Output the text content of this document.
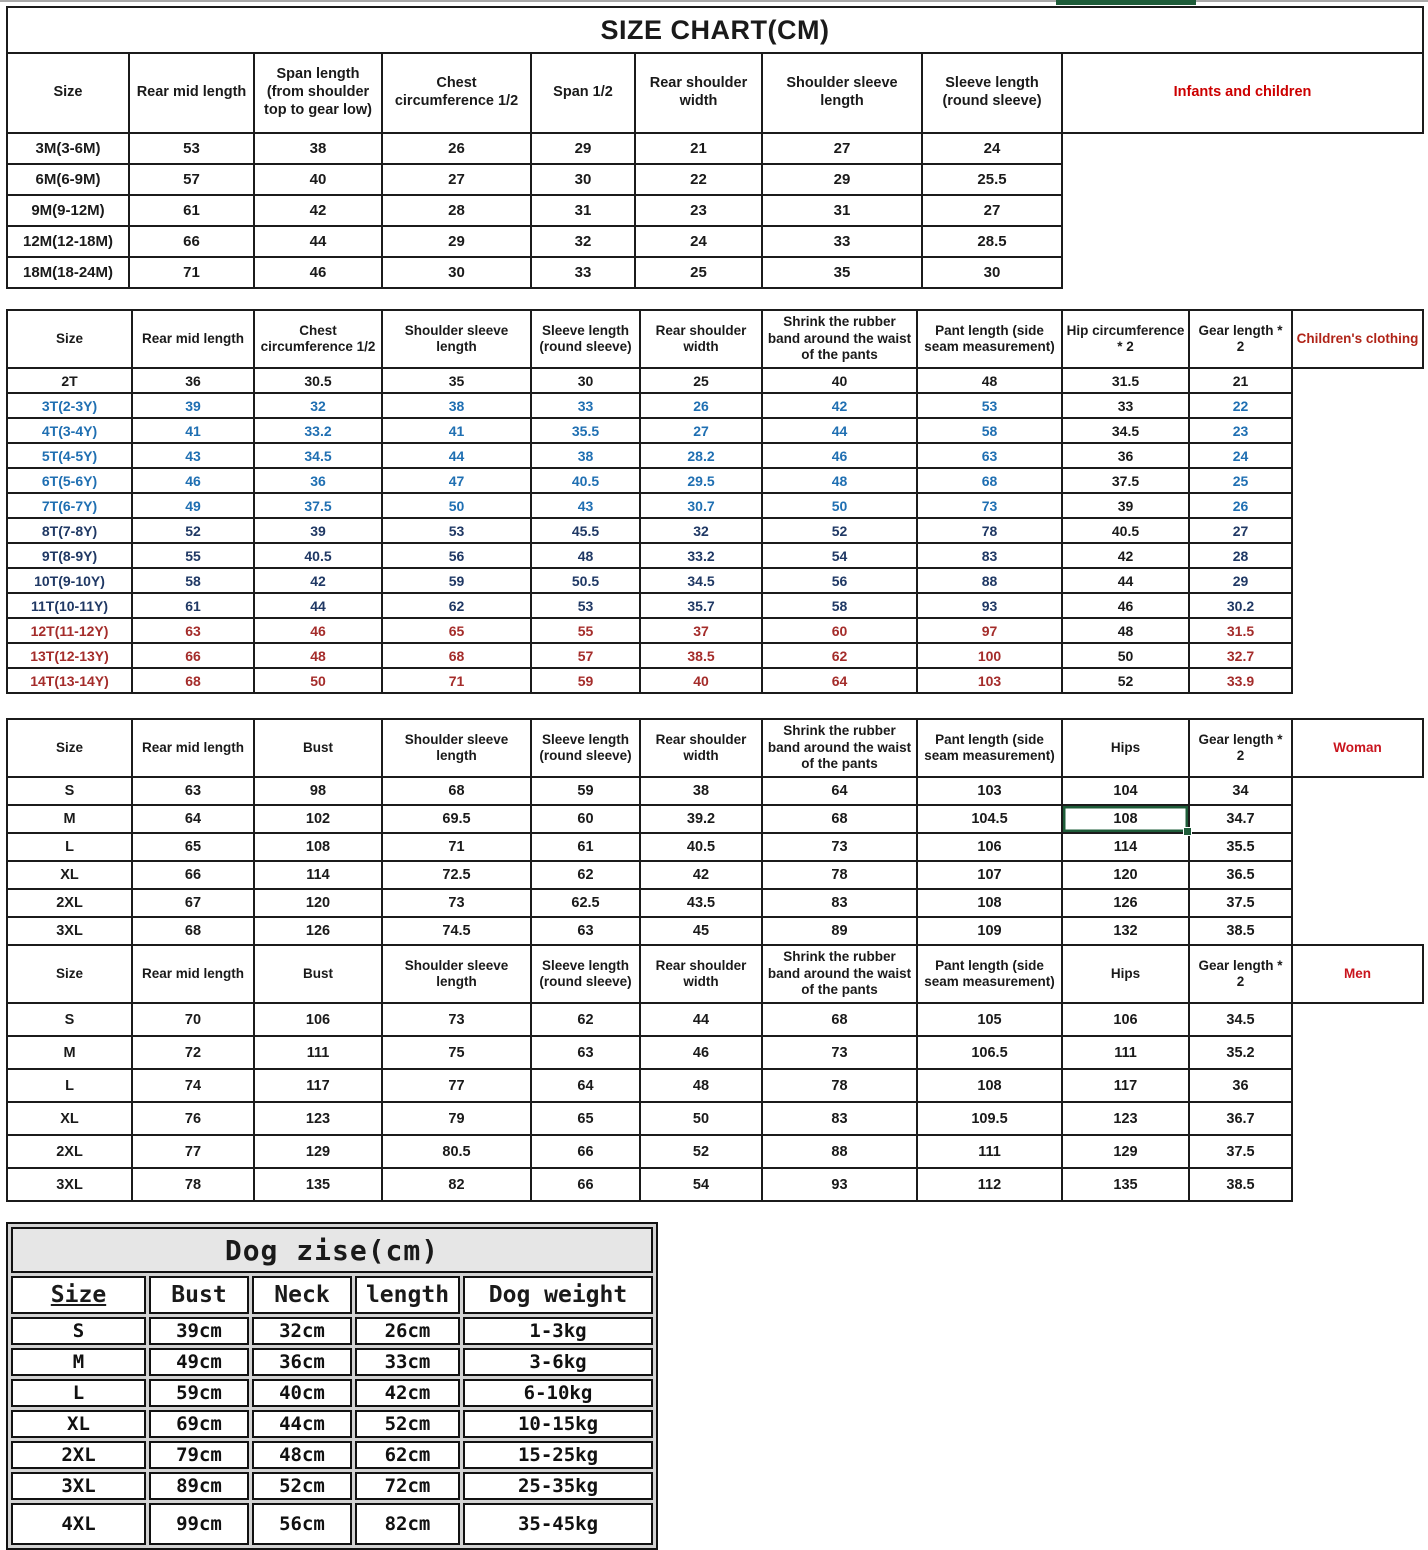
SIZE CHART(CM)								
Size	Rear mid length	Span length (from shoulder top to gear low)	Chest circumference 1/2	Span 1/2	Rear shoulder width	Shoulder sleeve length	Sleeve length (round sleeve)	Infants and children
3M(3-6M)	53	38	26	29	21	27	24	
6M(6-9M)	57	40	27	30	22	29	25.5	
9M(9-12M)	61	42	28	31	23	31	27	
12M(12-18M)	66	44	29	32	24	33	28.5	
18M(18-24M)	71	46	30	33	25	35	30	
Size	Rear mid length	Chest circumference 1/2	Shoulder sleeve length	Sleeve length (round sleeve)	Rear shoulder width	Shrink the rubber band around the waist of the pants	Pant length (side seam measurement)	Hip circumference * 2	Gear length * 2	Children's clothing
2T	36	30.5	35	30	25	40	48	31.5	21	
3T(2-3Y)	39	32	38	33	26	42	53	33	22	
4T(3-4Y)	41	33.2	41	35.5	27	44	58	34.5	23	
5T(4-5Y)	43	34.5	44	38	28.2	46	63	36	24	
6T(5-6Y)	46	36	47	40.5	29.5	48	68	37.5	25	
7T(6-7Y)	49	37.5	50	43	30.7	50	73	39	26	
8T(7-8Y)	52	39	53	45.5	32	52	78	40.5	27	
9T(8-9Y)	55	40.5	56	48	33.2	54	83	42	28	
10T(9-10Y)	58	42	59	50.5	34.5	56	88	44	29	
11T(10-11Y)	61	44	62	53	35.7	58	93	46	30.2	
12T(11-12Y)	63	46	65	55	37	60	97	48	31.5	
13T(12-13Y)	66	48	68	57	38.5	62	100	50	32.7	
14T(13-14Y)	68	50	71	59	40	64	103	52	33.9	
Size	Rear mid length	Bust	Shoulder sleeve length	Sleeve length (round sleeve)	Rear shoulder width	Shrink the rubber band around the waist of the pants	Pant length (side seam measurement)	Hips	Gear length * 2	Woman
S	63	98	68	59	38	64	103	104	34	
M	64	102	69.5	60	39.2	68	104.5	108	34.7	
L	65	108	71	61	40.5	73	106	114	35.5	
XL	66	114	72.5	62	42	78	107	120	36.5	
2XL	67	120	73	62.5	43.5	83	108	126	37.5	
3XL	68	126	74.5	63	45	89	109	132	38.5	
Size	Rear mid length	Bust	Shoulder sleeve length	Sleeve length (round sleeve)	Rear shoulder width	Shrink the rubber band around the waist of the pants	Pant length (side seam measurement)	Hips	Gear length * 2	Men
S	70	106	73	62	44	68	105	106	34.5	
M	72	111	75	63	46	73	106.5	111	35.2	
L	74	117	77	64	48	78	108	117	36	
XL	76	123	79	65	50	83	109.5	123	36.7	
2XL	77	129	80.5	66	52	88	111	129	37.5	
3XL	78	135	82	66	54	93	112	135	38.5	
Dog zise(cm)				
Size	Bust	Neck	length	Dog weight
S	39cm	32cm	26cm	1-3kg
M	49cm	36cm	33cm	3-6kg
L	59cm	40cm	42cm	6-10kg
XL	69cm	44cm	52cm	10-15kg
2XL	79cm	48cm	62cm	15-25kg
3XL	89cm	52cm	72cm	25-35kg
4XL	99cm	56cm	82cm	35-45kg
